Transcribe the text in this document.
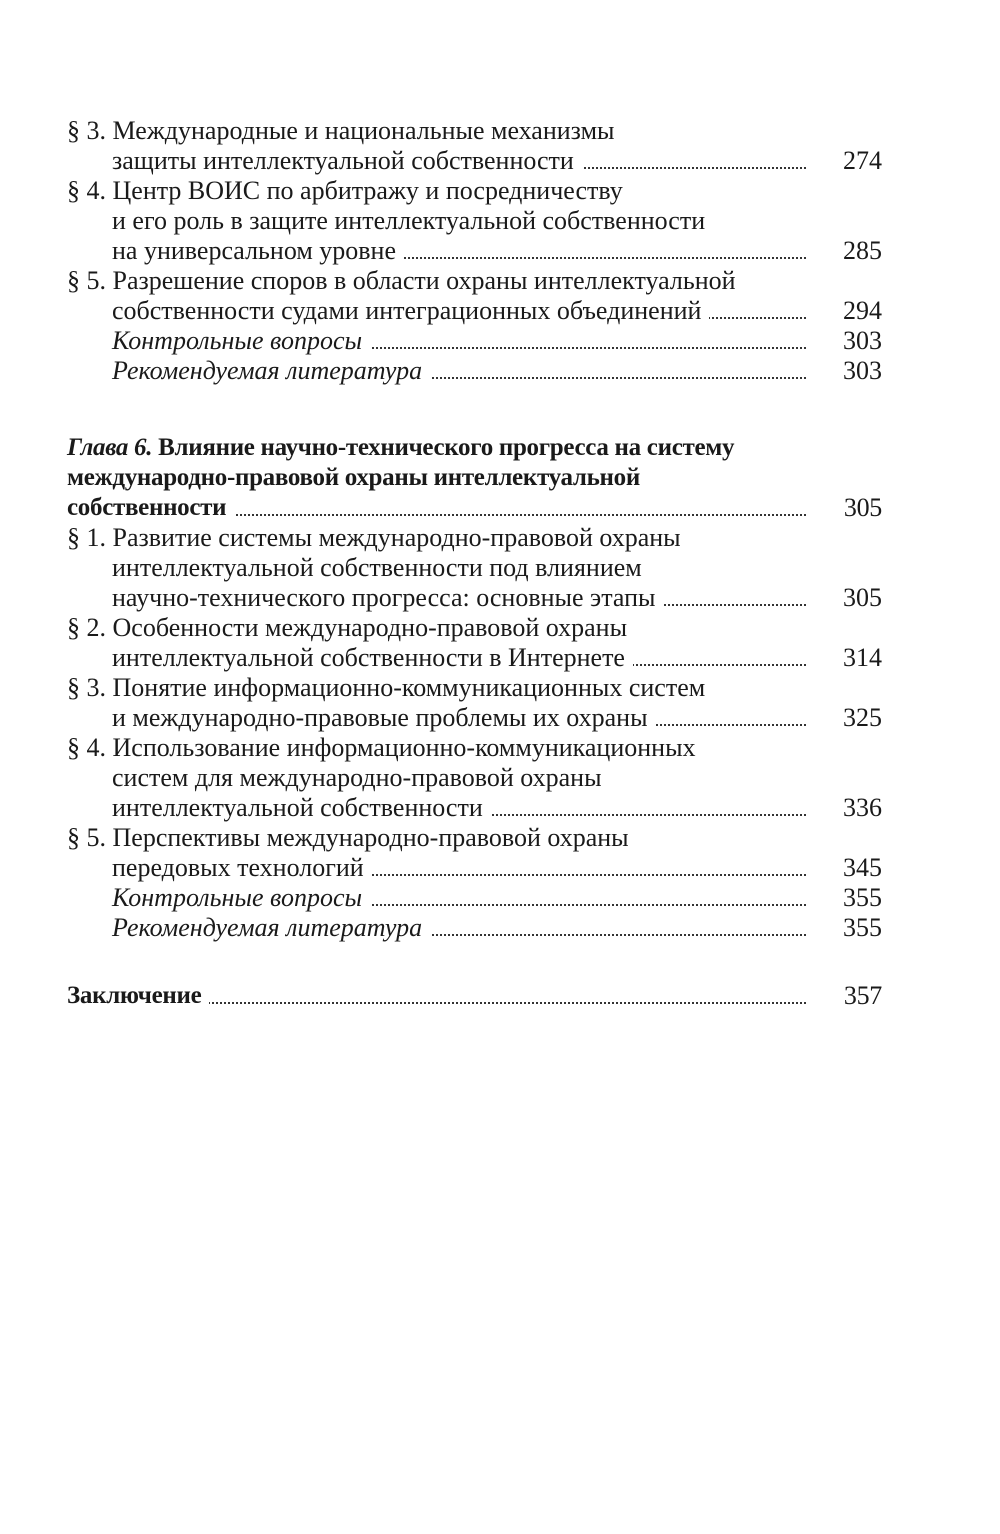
§ 3. Международные и национальные механизмы
защиты интеллектуальной собственности	274
§ 4. Центр ВОИС по арбитражу и посредничеству
и его роль в защите интеллектуальной собственности
на универсальном уровне	285
§ 5. Разрешение споров в области охраны интеллектуальной
собственности судами интеграционных объединений	294
Контрольные вопросы	303
Рекомендуемая литература	303
Глава 6. Влияние научно-технического прогресса на систему
международно-правовой охраны интеллектуальной
собственности	305
§ 1. Развитие системы международно-правовой охраны
интеллектуальной собственности под влиянием
научно-технического прогресса: основные этапы	305
§ 2. Особенности международно-правовой охраны
интеллектуальной собственности в Интернете	314
§ 3. Понятие информационно-коммуникационных систем
и международно-правовые проблемы их охраны	325
§ 4. Использование информационно-коммуникационных
систем для международно-правовой охраны
интеллектуальной собственности	336
§ 5. Перспективы международно-правовой охраны
передовых технологий	345
Контрольные вопросы	355
Рекомендуемая литература	355
Заключение	357
